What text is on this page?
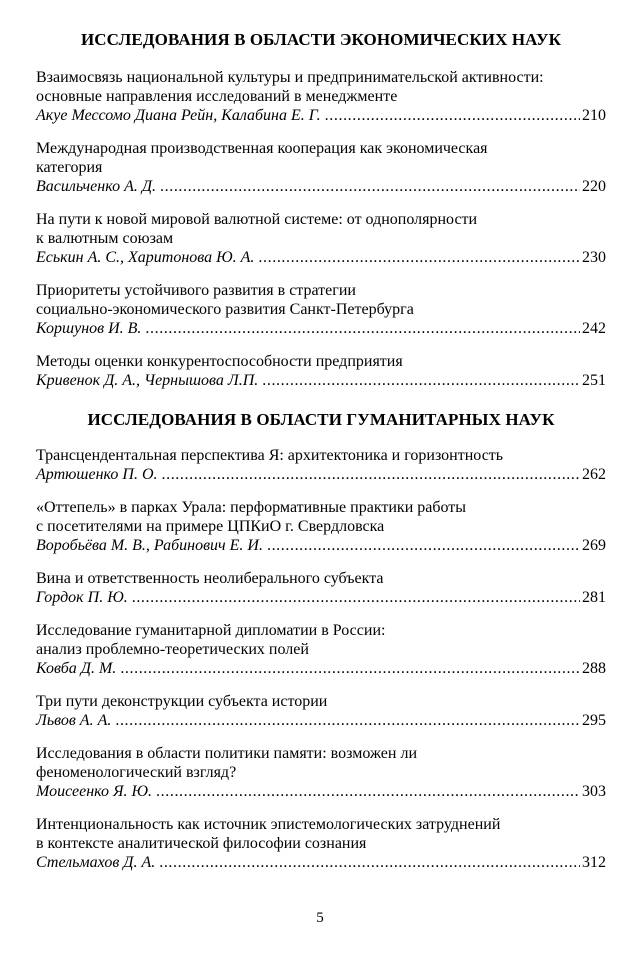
ИССЛЕДОВАНИЯ В ОБЛАСТИ ЭКОНОМИЧЕСКИХ НАУК
Взаимосвязь национальной культуры и предпринимательской активности:
основные направления исследований в менеджменте
Акуе Мессомо Диана Рейн, Калабина Е. Г. .....	210
Международная производственная кооперация как экономическая
категория
Васильченко А. Д. .....	220
На пути к новой мировой валютной системе: от однополярности
к валютным союзам
Еськин А. С., Харитонова Ю. А. .....	230
Приоритеты устойчивого развития в стратегии
социально-экономического развития Санкт-Петербурга
Коршунов И. В. .....	242
Методы оценки конкурентоспособности предприятия
Кривенок Д. А., Чернышова Л.П. .....	251
ИССЛЕДОВАНИЯ В ОБЛАСТИ ГУМАНИТАРНЫХ НАУК
Трансцендентальная перспектива Я: архитектоника и горизонтность
Артюшенко П. О. .....	262
«Оттепель» в парках Урала: перформативные практики работы
с посетителями на примере ЦПКиО г. Свердловска
Воробьёва М. В., Рабинович Е. И. .....	269
Вина и ответственность неолиберального субъекта
Гордок П. Ю. .....	281
Исследование гуманитарной дипломатии в России:
анализ проблемно-теоретических полей
Ковба Д. М. .....	288
Три пути деконструкции субъекта истории
Львов А. А. .....	295
Исследования в области политики памяти: возможен ли
феноменологический взгляд?
Моисеенко Я. Ю. .....	303
Интенциональность как источник эпистемологических затруднений
в контексте аналитической философии сознания
Стельмахов Д. А. .....	312
5
